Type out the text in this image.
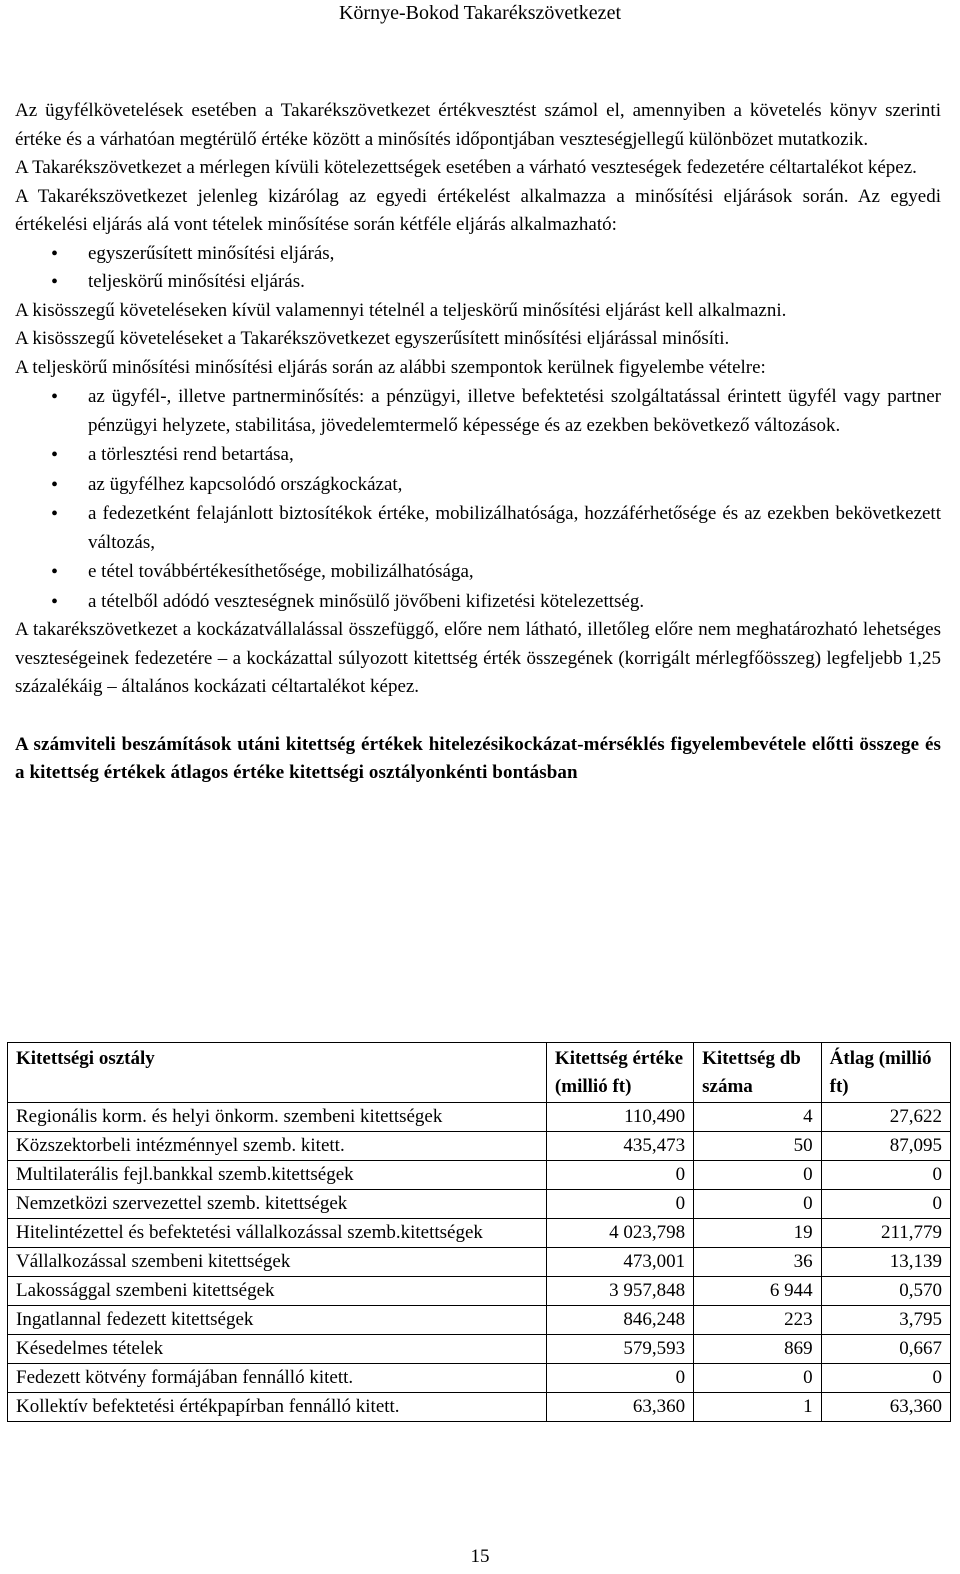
Környe-Bokod Takarékszövetkezet

Az ügyfélkövetelések esetében a Takarékszövetkezet értékvesztést számol el, amennyiben a követelés könyv szerinti értéke és a várhatóan megtérülő értéke között a minősítés időpontjában veszteségjellegű különbözet mutatkozik.

A Takarékszövetkezet a mérlegen kívüli kötelezettségek esetében a várható veszteségek fedezetére céltartalékot képez.

A Takarékszövetkezet jelenleg kizárólag az egyedi értékelést alkalmazza a minősítési eljárások során. Az egyedi értékelési eljárás alá vont tételek minősítése során kétféle eljárás alkalmazható:

• egyszerűsített minősítési eljárás,
• teljeskörű minősítési eljárás.

A kisösszegű követeléseken kívül valamennyi tételnél a teljeskörű minősítési eljárást kell alkalmazni.

A kisösszegű követeléseket a Takarékszövetkezet egyszerűsített minősítési eljárással minősíti.

A teljeskörű minősítési minősítési eljárás során az alábbi szempontok kerülnek figyelembe vételre:

• az ügyfél-, illetve partnerminősítés: a pénzügyi, illetve befektetési szolgáltatással érintett ügyfél vagy partner pénzügyi helyzete, stabilitása, jövedelemtermelő képessége és az ezekben bekövetkező változások.
• a törlesztési rend betartása,
• az ügyfélhez kapcsolódó országkockázat,
• a fedezetként felajánlott biztosítékok értéke, mobilizálhatósága, hozzáférhetősége és az ezekben bekövetkezett változás,
• e tétel továbbértékesíthetősége, mobilizálhatósága,
• a tételből adódó veszteségnek minősülő jövőbeni kifizetési kötelezettség.

A takarékszövetkezet a kockázatvállalással összefüggő, előre nem látható, illetőleg előre nem meghatározható lehetséges veszteségeinek fedezetére – a kockázattal súlyozott kitettség érték összegének (korrigált mérlegfőösszeg) legfeljebb 1,25 százalékáig – általános kockázati céltartalékot képez.

A számviteli beszámítások utáni kitettség értékek hitelezésikockázat-mérséklés figyelembevétele előtti összege és a kitettség értékek átlagos értéke kitettségi osztályonkénti bontásban

Kitettségi osztály	Kitettség értéke (millió ft)	Kitettség db száma	Átlag (millió ft)
Regionális korm. és helyi önkorm. szembeni kitettségek	110,490	4	27,622
Közszektorbeli intézménnyel szemb. kitett.	435,473	50	87,095
Multilaterális fejl.bankkal szemb.kitettségek	0	0	0
Nemzetközi szervezettel szemb. kitettségek	0	0	0
Hitelintézettel és befektetési vállalkozással szemb.kitettségek	4 023,798	19	211,779
Vállalkozással szembeni kitettségek	473,001	36	13,139
Lakossággal szembeni kitettségek	3 957,848	6 944	0,570
Ingatlannal fedezett kitettségek	846,248	223	3,795
Késedelmes tételek	579,593	869	0,667
Fedezett kötvény formájában fennálló kitett.	0	0	0
Kollektív befektetési értékpapírban fennálló kitett.	63,360	1	63,360
15
